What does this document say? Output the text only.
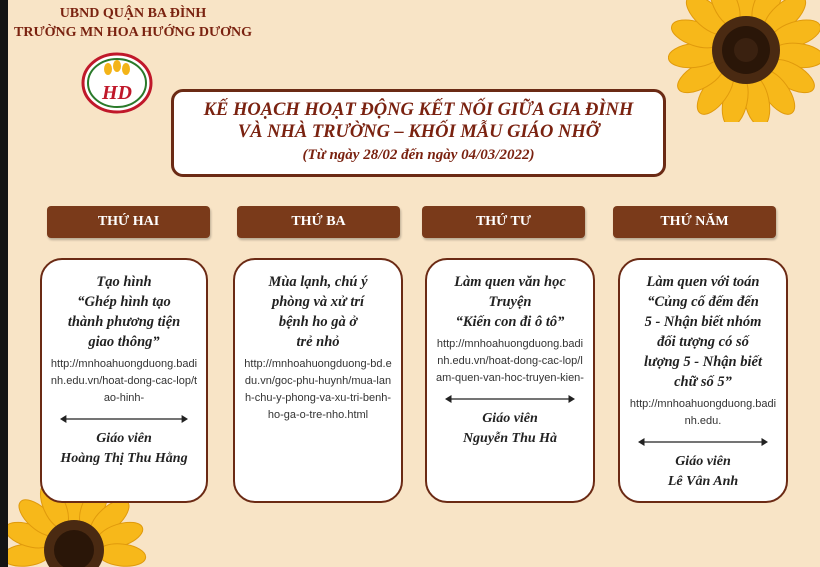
UBND QUẬN BA ĐÌNH
TRƯỜNG MN HOA HƯỚNG DƯƠNG
HD
KẾ HOẠCH HOẠT ĐỘNG KẾT NỐI GIỮA GIA ĐÌNH
VÀ NHÀ TRƯỜNG – KHỐI MẪU GIÁO NHỠ
(Từ ngày 28/02 đến ngày 04/03/2022)
THỨ HAI	THỨ BA	THỨ TƯ	THỨ NĂM
Tạo hình
“Ghép hình tạo
thành phương tiện
giao thông”
http://mnhoahuongduong.badinh.edu.vn/hoat-dong-cac-lop/tao-hinh-
Giáo viên
Hoàng Thị Thu Hằng
Mùa lạnh, chú ý
phòng và xử trí
bệnh ho gà ở
trẻ nhỏ
http://mnhoahuongduong-bd.edu.vn/goc-phu-huynh/mua-lanh-chu-y-phong-va-xu-tri-benh-ho-ga-o-tre-nho.html
Làm quen văn học
Truyện
“Kiến con đi ô tô”
http://mnhoahuongduong.badinh.edu.vn/hoat-dong-cac-lop/lam-quen-van-hoc-truyen-kien-
Giáo viên
Nguyễn Thu Hà
Làm quen với toán
“Củng cố đếm đến
5 - Nhận biết nhóm
đối tượng có số
lượng 5 - Nhận biết
chữ số 5”
http://mnhoahuongduong.badinh.edu.
Giáo viên
Lê Vân Anh
